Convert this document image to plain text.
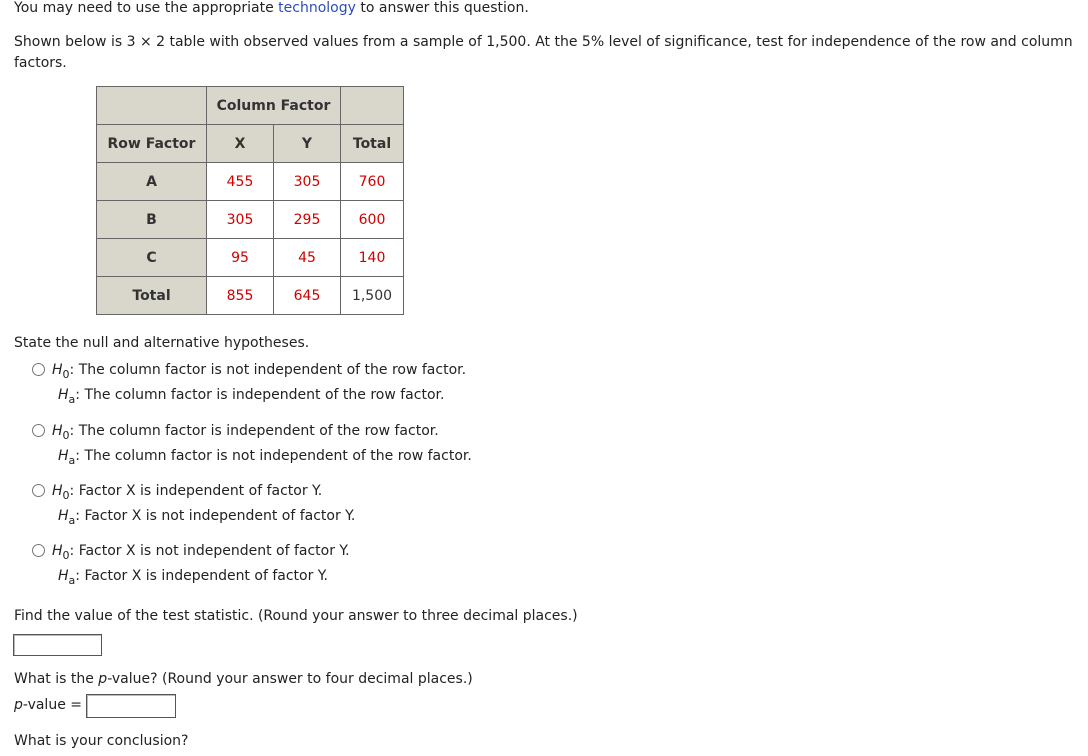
You may need to use the appropriate technology to answer this question.
Shown below is 3 × 2 table with observed values from a sample of 1,500. At the 5% level of significance, test for independence of the row and column
factors.
	Column Factor		
Row Factor	X	Y	Total
A	455	305	760
B	305	295	600
C	95	45	140
Total	855	645	1,500
State the null and alternative hypotheses.
$H_0$: The column factor is not independent of the row factor.
$H_a$: The column factor is independent of the row factor.
$H_0$: The column factor is independent of the row factor.
$H_a$: The column factor is not independent of the row factor.
$H_0$: Factor X is independent of factor Y.
$H_a$: Factor X is not independent of factor Y.
$H_0$: Factor X is not independent of factor Y.
$H_a$: Factor X is independent of factor Y.
Find the value of the test statistic. (Round your answer to three decimal places.)
What is the p-value? (Round your answer to four decimal places.)
p-value =
What is your conclusion?
